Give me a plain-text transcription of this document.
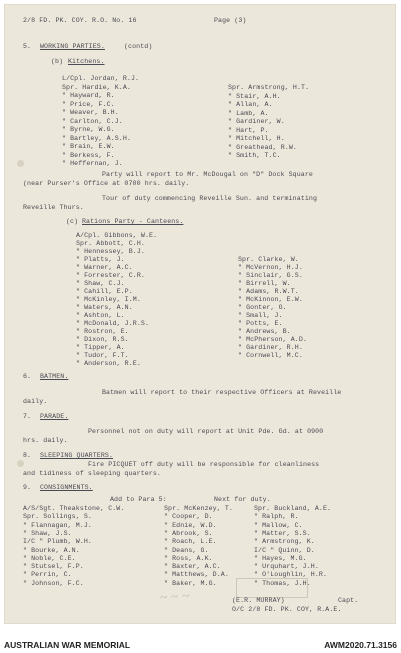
~ ~ ~
2/8 FD. PK. COY. R.O. No. 16	Page (3)
5. WORKING PARTIES.	(contd)
(b) Kitchens.
L/Cpl. Jordan, R.J.
Spr. Hardie, K.A.
" Hayward, R.
" Price, F.C.
" Weaver, B.H.
" Carlton, C.J.
" Byrne, W.G.
" Bartley, A.S.H.
" Brain, E.W.
" Berkess, F.
" Heffernan, J.
Spr. Armstrong, H.T.
" Stair, A.H.
" Allan, A.
" Lamb, A.
" Gardiner, W.
" Hart, P.
" Mitchell, H.
" Greathead, R.W.
" Smith, T.C.
Party will report to Mr. McDougal on "D" Dock Square
(near Purser's Office at 0700 hrs. daily.
Tour of duty commencing Reveille Sun. and terminating
Reveille Thurs.
(c) Rations Party - Canteens.
A/Cpl. Gibbons, W.E.
Spr. Abbott, C.H.
" Hennessey, B.J.
" Platts, J.
" Warner, A.C.
" Forrester, C.R.
" Shaw, C.J.
" Cahill, E.P.
" McKinley, I.M.
" Waters, A.N.
" Ashton, L.
" McDonald, J.R.S.
" Rostron, E.
" Dixon, R.S.
" Tipper, A.
" Tudor, F.T.
" Anderson, R.E.
Spr. Clarke, W.
" McVernon, H.J.
" Sinclair, G.S.
" Birrell, W.
" Adams, R.W.T.
" McKinnon, E.W.
" Gonter, G.
" Small, J.
" Potts, E.
" Andrews, B.
" McPherson, A.D.
" Gardiner, R.H.
" Cornwell, M.C.
6. BATMEN.
Batmen will report to their respective Officers at Reveille
daily.
7. PARADE.
Personnel not on duty will report at Unit Pde. Gd. at 0900
hrs. daily.
8. SLEEPING QUARTERS.
Fire PICQUET off duty will be responsible for cleanliness
and tidiness of sleeping quarters.
9. CONSIGNMENTS.
Add to Para 5:	Next for duty.
A/S/Sgt. Theakstone, C.W.
Spr. Sollings, S.
" Flannagan, M.J.
" Shaw, J.S.
I/C " Plumb, W.H.
" Bourke, A.N.
" Noble, C.E.
" Stutsel, F.P.
" Perrin, C.
" Johnson, F.C.
Spr. McKenzey, T.
" Cooper, D.
" Ednie, W.D.
" Abrook, S.
" Roach, L.E.
" Deans, G.
" Ross, A.K.
" Baxter, A.C.
" Matthews, D.A.
" Baker, M.G.
Spr. Buckland, A.E.
" Ralph, R.
" Mallow, C.
" Matter, S.S.
" Armstrong, K.
I/C " Quinn, D.
" Hayes, M.G.
" Urquhart, J.H.
" O'Loughlin, H.R.
" Thomas, J.H.
(E.R. MURRAY)	Capt.
O/C 2/8 FD. PK. COY, R.A.E.
AUSTRALIAN WAR MEMORIAL	AWM2020.71.3156
